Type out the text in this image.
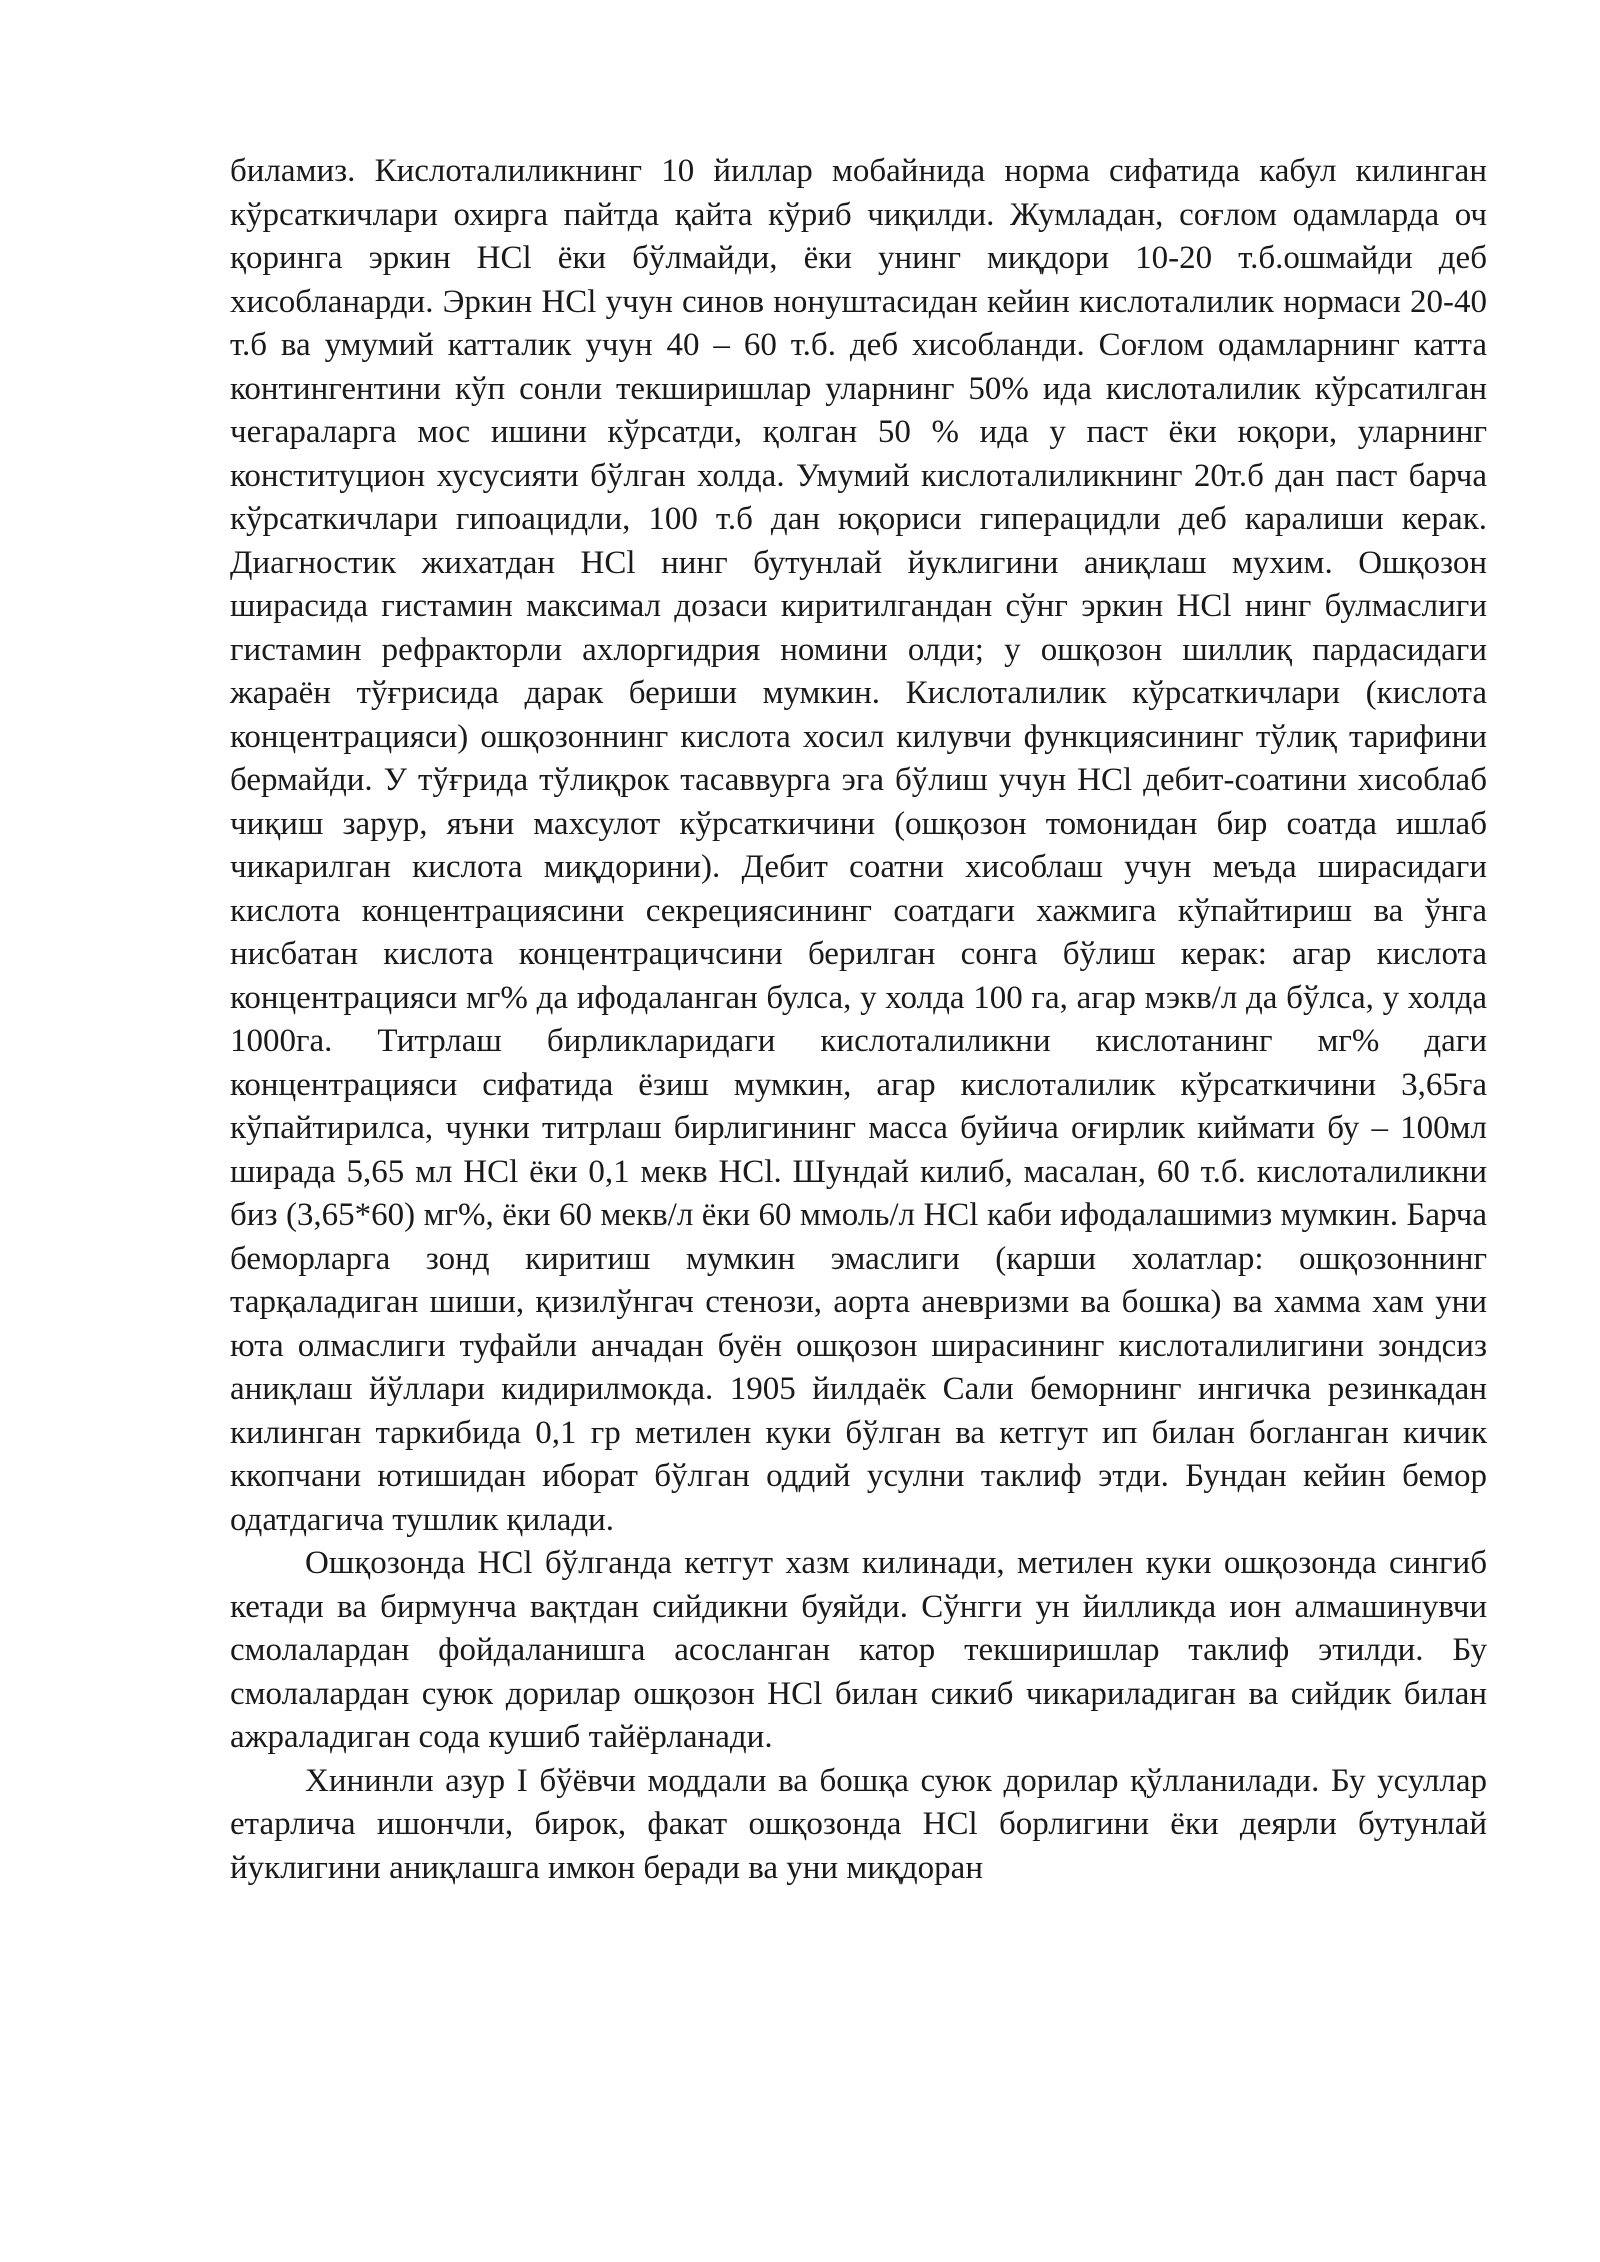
биламиз. Кислоталиликнинг 10 йиллар мобайнида норма сифатида кабул килинган кўрсаткичлари охирга пайтда қайта кўриб чиқилди. Жумладан, соғлом одамларда оч қоринга эркин HCl ёки бўлмайди, ёки унинг миқдори 10-20 т.б.ошмайди деб хисобланарди. Эркин HCl учун синов нонуштасидан кейин кислоталилик нормаси 20-40 т.б ва умумий катталик учун 40 – 60 т.б. деб хисобланди. Соғлом одамларнинг катта контингентини кўп сонли текширишлар уларнинг 50% ида кислоталилик кўрсатилган чегараларга мос ишини кўрсатди, қолган 50 % ида у паст ёки юқори, уларнинг конституцион хусусияти бўлган холда. Умумий кислоталиликнинг 20т.б дан паст барча кўрсаткичлари гипоацидли, 100 т.б дан юқориси гиперацидли деб каралиши керак. Диагностик жихатдан HCl нинг бутунлай йуклигини аниқлаш мухим. Ошқозон ширасида гистамин максимал дозаси киритилгандан сўнг эркин HCl нинг булмаслиги гистамин рефракторли ахлоргидрия номини олди; у ошқозон шиллиқ пардасидаги жараён тўғрисида дарак бериши мумкин. Кислоталилик кўрсаткичлари (кислота концентрацияси) ошқозоннинг кислота хосил килувчи функциясининг тўлиқ тарифини бермайди. У тўғрида тўлиқрок тасаввурга эга бўлиш учун HCl дебит-соатини хисоблаб чиқиш зарур, яъни махсулот кўрсаткичини (ошқозон томонидан бир соатда ишлаб чикарилган кислота миқдорини). Дебит соатни хисоблаш учун меъда ширасидаги кислота концентрациясини секрециясининг соатдаги хажмига кўпайтириш ва ўнга нисбатан кислота концентрацичсини берилган сонга бўлиш керак: агар кислота концентрацияси мг% да ифодаланган булса, у холда 100 га, агар мэкв/л да бўлса, у холда 1000га. Титрлаш бирликларидаги кислоталиликни кислотанинг мг% даги концентрацияси сифатида ёзиш мумкин, агар кислоталилик кўрсаткичини 3,65га кўпайтирилса, чунки титрлаш бирлигининг масса буйича оғирлик киймати бу – 100мл ширада 5,65 мл HCl ёки 0,1 мекв HCl. Шундай килиб, масалан, 60 т.б. кислоталиликни биз (3,65*60) мг%, ёки 60 мекв/л ёки 60 ммоль/л HCl каби ифодалашимиз мумкин. Барча беморларга зонд киритиш мумкин эмаслиги (карши холатлар: ошқозоннинг тарқаладиган шиши, қизилўнгач стенози, аорта аневризми ва бошка) ва хамма хам уни юта олмаслиги туфайли анчадан буён ошқозон ширасининг кислоталилигини зондсиз аниқлаш йўллари кидирилмокда. 1905 йилдаёк Сали беморнинг ингичка резинкадан килинган таркибида 0,1 гр метилен куки бўлган ва кетгут ип билан богланган кичик ккопчани ютишидан иборат бўлган оддий усулни таклиф этди. Бундан кейин бемор одатдагича тушлик қилади.

Ошқозонда HCl бўлганда кетгут хазм килинади, метилен куки ошқозонда сингиб кетади ва бирмунча вақтдан сийдикни буяйди. Сўнгги ун йилликда ион алмашинувчи смолалардан фойдаланишга асосланган катор текширишлар таклиф этилди. Бу смолалардан суюк дорилар ошқозон HCl билан сикиб чикариладиган ва сийдик билан ажраладиган сода кушиб тайёрланади.

Хининли азур I бўёвчи моддали ва бошқа суюк дорилар қўлланилади. Бу усуллар етарлича ишончли, бирок, факат ошқозонда HCl борлигини ёки деярли бутунлай йуклигини аниқлашга имкон беради ва уни миқдоран
